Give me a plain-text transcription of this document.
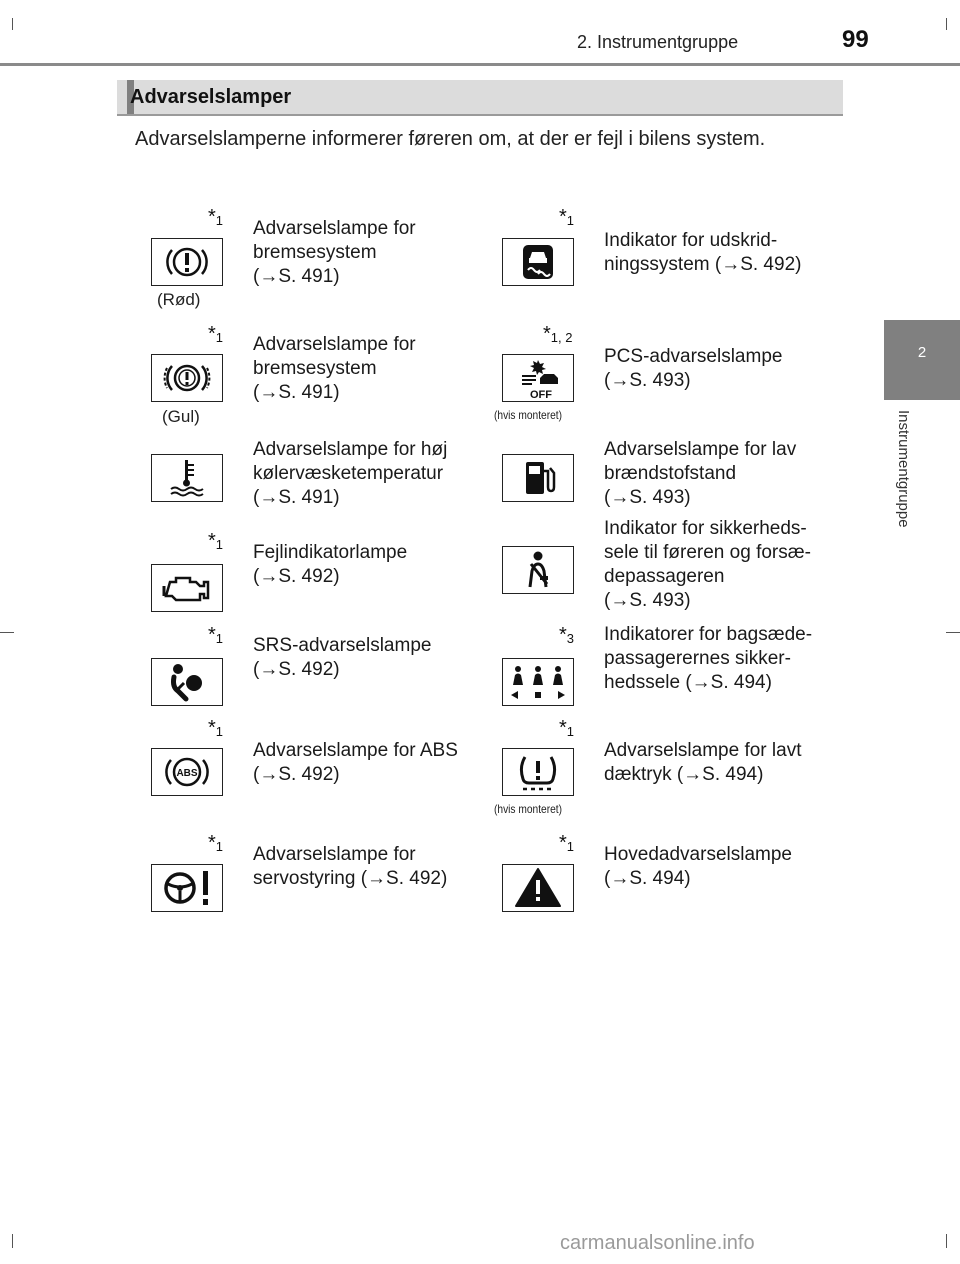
2. Instrumentgruppe	99
2
Instrumentgruppe
Advarselslamper
Advarselslamperne informerer føreren om, at der er fejl i bilens system.
$*_1$
(Rød)
Advarselslampe for
bremsesystem
(→S. 491)
$*_1$
Indikator for udskrid-
ningssystem (→S. 492)
$*_1$
(Gul)
Advarselslampe for
bremsesystem
(→S. 491)
$*_{1, 2}$
OFF
(hvis monteret)
PCS-advarselslampe
(→S. 493)
Advarselslampe for høj
kølervæsketemperatur
(→S. 491)
Advarselslampe for lav
brændstofstand
(→S. 493)
$*_1$ Fejlindikatorlampe
(→S. 492)
Indikator for sikkerheds-
sele til føreren og forsæ-
depassageren
(→S. 493)
$*_1$ SRS-advarselslampe
(→S. 492)
$*_3$ Indikatorer for bagsæde-
passagerernes sikker-
hedssele (→S. 494)
$*_1$
ABS
Advarselslampe for ABS
(→S. 492)
$*_1$
(hvis monteret)
Advarselslampe for lavt
dæktryk (→S. 494)
$*_1$ Advarselslampe for
servostyring (→S. 492)
$*_1$ Hovedadvarselslampe
(→S. 494)
carmanualsonline.info
